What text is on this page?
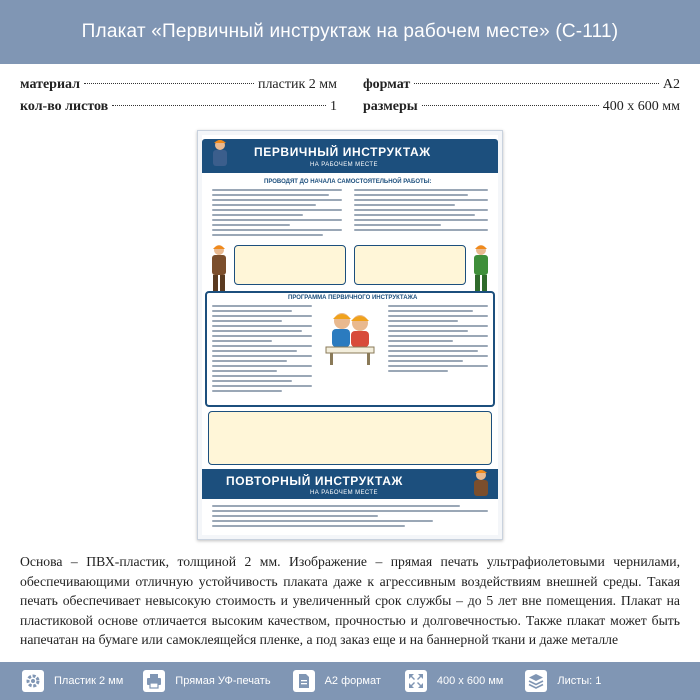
Плакат «Первичный инструктаж на рабочем месте» (С-111)
материал	пластик 2 мм
кол-во листов	1
формат	A2
размеры	400 х 600 мм
ПЕРВИЧНЫЙ ИНСТРУКТАЖ
НА РАБОЧЕМ МЕСТЕ
ПРОВОДЯТ ДО НАЧАЛА САМОСТОЯТЕЛЬНОЙ РАБОТЫ:
ПРОГРАММА ПЕРВИЧНОГО ИНСТРУКТАЖА
ПОВТОРНЫЙ ИНСТРУКТАЖ
НА РАБОЧЕМ МЕСТЕ

Основа – ПВХ-пластик, толщиной 2 мм. Изображение – прямая печать ультрафиолетовыми чернилами, обеспечивающими отличную устойчивость плаката даже к агрессивным воздействиям внешней среды. Такая печать обеспечивает невысокую стоимость и увеличенный срок службы – до 5 лет вне помещения. Плакат на пластиковой основе отличается высоким качеством, прочностью и долговечностью. Также плакат может быть напечатан на бумаге или самоклеящейся пленке, а под заказ еще и на баннерной ткани и даже металле

Пластик 2 мм	Прямая УФ-печать	A2 формат	400 х 600 мм	Листы: 1
